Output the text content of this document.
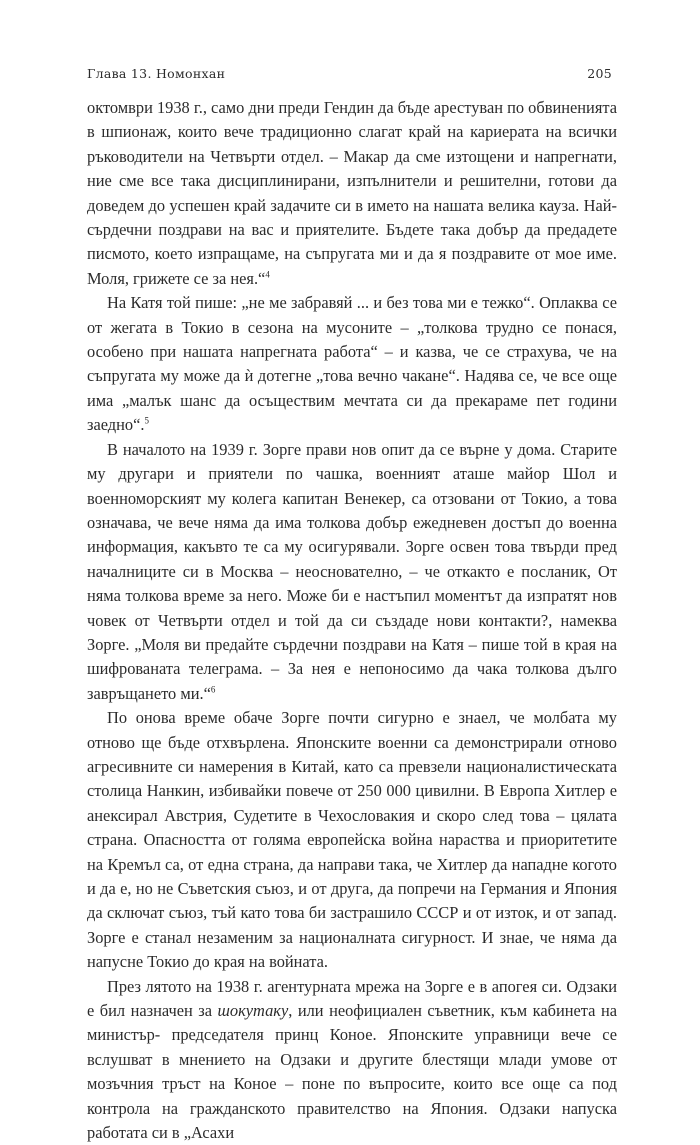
Глава 13. Номонхан	205

октомври 1938 г., само дни преди Гендин да бъде арестуван по обвиненията в шпионаж, които вече традиционно слагат край на кариерата на всички ръководители на Четвърти отдел. – Макар да сме изтощени и напрегнати, ние сме все така дисциплинирани, изпълнители и решителни, готови да доведем до успешен край задачите си в името на нашата велика кауза. Най-сърдечни поздрави на вас и приятелите. Бъдете така добър да предадете писмото, което изпращаме, на съпругата ми и да я поздравите от мое име. Моля, грижете се за нея.“$^4$

На Катя той пише: „не ме забравяй ... и без това ми е тежко“. Оплаква се от жегата в Токио в сезона на мусоните – „толкова трудно се понася, особено при нашата напрегната работа“ – и казва, че се страхува, че на съпругата му може да ѝ дотегне „това вечно чакане“. Надява се, че все още има „малък шанс да осъществим мечтата си да прекараме пет години заедно“.$^5$

В началото на 1939 г. Зорге прави нов опит да се върне у дома. Старите му другари и приятели по чашка, военният аташе майор Шол и военноморският му колега капитан Венекер, са отзовани от Токио, а това означава, че вече няма да има толкова добър ежедневен достъп до военна информация, какъвто те са му осигурявали. Зорге освен това твърди пред началниците си в Москва – неоснователно, – че откакто е посланик, От няма толкова време за него. Може би е настъпил моментът да изпратят нов човек от Четвърти отдел и той да си създаде нови контакти?, намеква Зорге. „Моля ви предайте сърдечни поздрави на Катя – пише той в края на шифрованата телеграма. – За нея е непоносимо да чака толкова дълго завръщането ми.“$^6$

По онова време обаче Зорге почти сигурно е знаел, че молбата му отново ще бъде отхвърлена. Японските военни са демонстрирали отново агресивните си намерения в Китай, като са превзели националистическата столица Нанкин, избивайки повече от 250 000 цивилни. В Европа Хитлер е анексирал Австрия, Судетите в Чехословакия и скоро след това – цялата страна. Опасността от голяма европейска война нараства и приоритетите на Кремъл са, от една страна, да направи така, че Хитлер да нападне когото и да е, но не Съветския съюз, и от друга, да попречи на Германия и Япония да сключат съюз, тъй като това би застрашило СССР и от изток, и от запад. Зорге е станал незаменим за националната сигурност. И знае, че няма да напусне Токио до края на войната.

През лятото на 1938 г. агентурната мрежа на Зорге е в апогея си. Одзаки е бил назначен за шокутаку, или неофициален съветник, към кабинета на министър- председателя принц Коное. Японските управници вече се вслушват в мнението на Одзаки и другите блестящи млади умове от мозъчния тръст на Коное – поне по въпросите, които все още са под контрола на гражданското правителство на Япония. Одзаки напуска работата си в „Асахи
